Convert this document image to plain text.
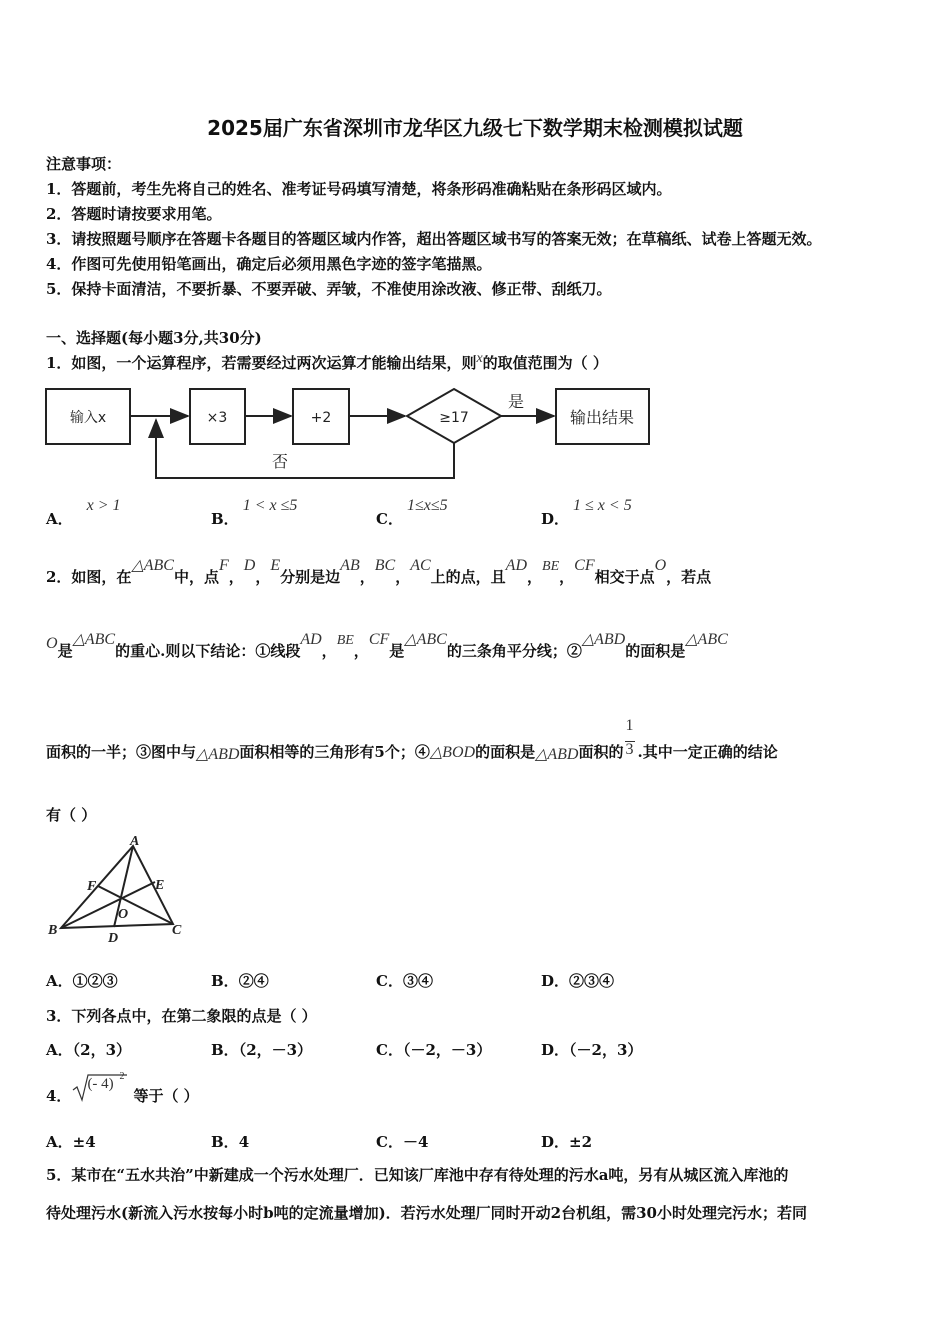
2025届广东省深圳市龙华区九级七下数学期末检测模拟试题
注意事项：
1．答题前，考生先将自己的姓名、准考证号码填写清楚，将条形码准确粘贴在条形码区域内。
2．答题时请按要求用笔。
3．请按照题号顺序在答题卡各题目的答题区域内作答，超出答题区域书写的答案无效；在草稿纸、试卷上答题无效。
4．作图可先使用铅笔画出，确定后必须用黑色字迹的签字笔描黑。
5．保持卡面清洁，不要折暴、不要弄破、弄皱，不准使用涂改液、修正带、刮纸刀。
一、选择题(每小题3分,共30分)
1．如图，一个运算程序，若需要经过两次运算才能输出结果，则x的取值范围为（ ）
输入x	×3	+2	≥17
是
否
输出结果
A．x > 1
B．1 < x ≤5
C．1≤x≤5
D．1 ≤ x < 5
2．如图，在△ABC中，点F，D，E分别是边AB，BC，AC上的点，且AD，BE，CF相交于点O，若点
O是△ABC的重心.则以下结论：①线段AD，BE，CF是△ABC的三条角平分线；②△ABD的面积是△ABC
面积的一半；③图中与△ABD面积相等的三角形有5个；④△BOD的面积是△ABD面积的 $\frac{1}{3}$ .其中一定正确的结论
有（ ）
A
B	C
D
E
F
O
A．①②③	B．②④	C．③④	D．②③④
3．下列各点中，在第二象限的点是（ ）
A．（2，3）	B．（2，－3）	C．（－2，－3）	D．（－2，3）
4．
(- 4) 2
等于（ ）
A．±4	B．4	C．－4	D．±2
5．某市在“五水共治”中新建成一个污水处理厂．已知该厂库池中存有待处理的污水a吨，另有从城区流入库池的
待处理污水(新流入污水按每小时b吨的定流量增加)．若污水处理厂同时开动2台机组，需30小时处理完污水；若同
